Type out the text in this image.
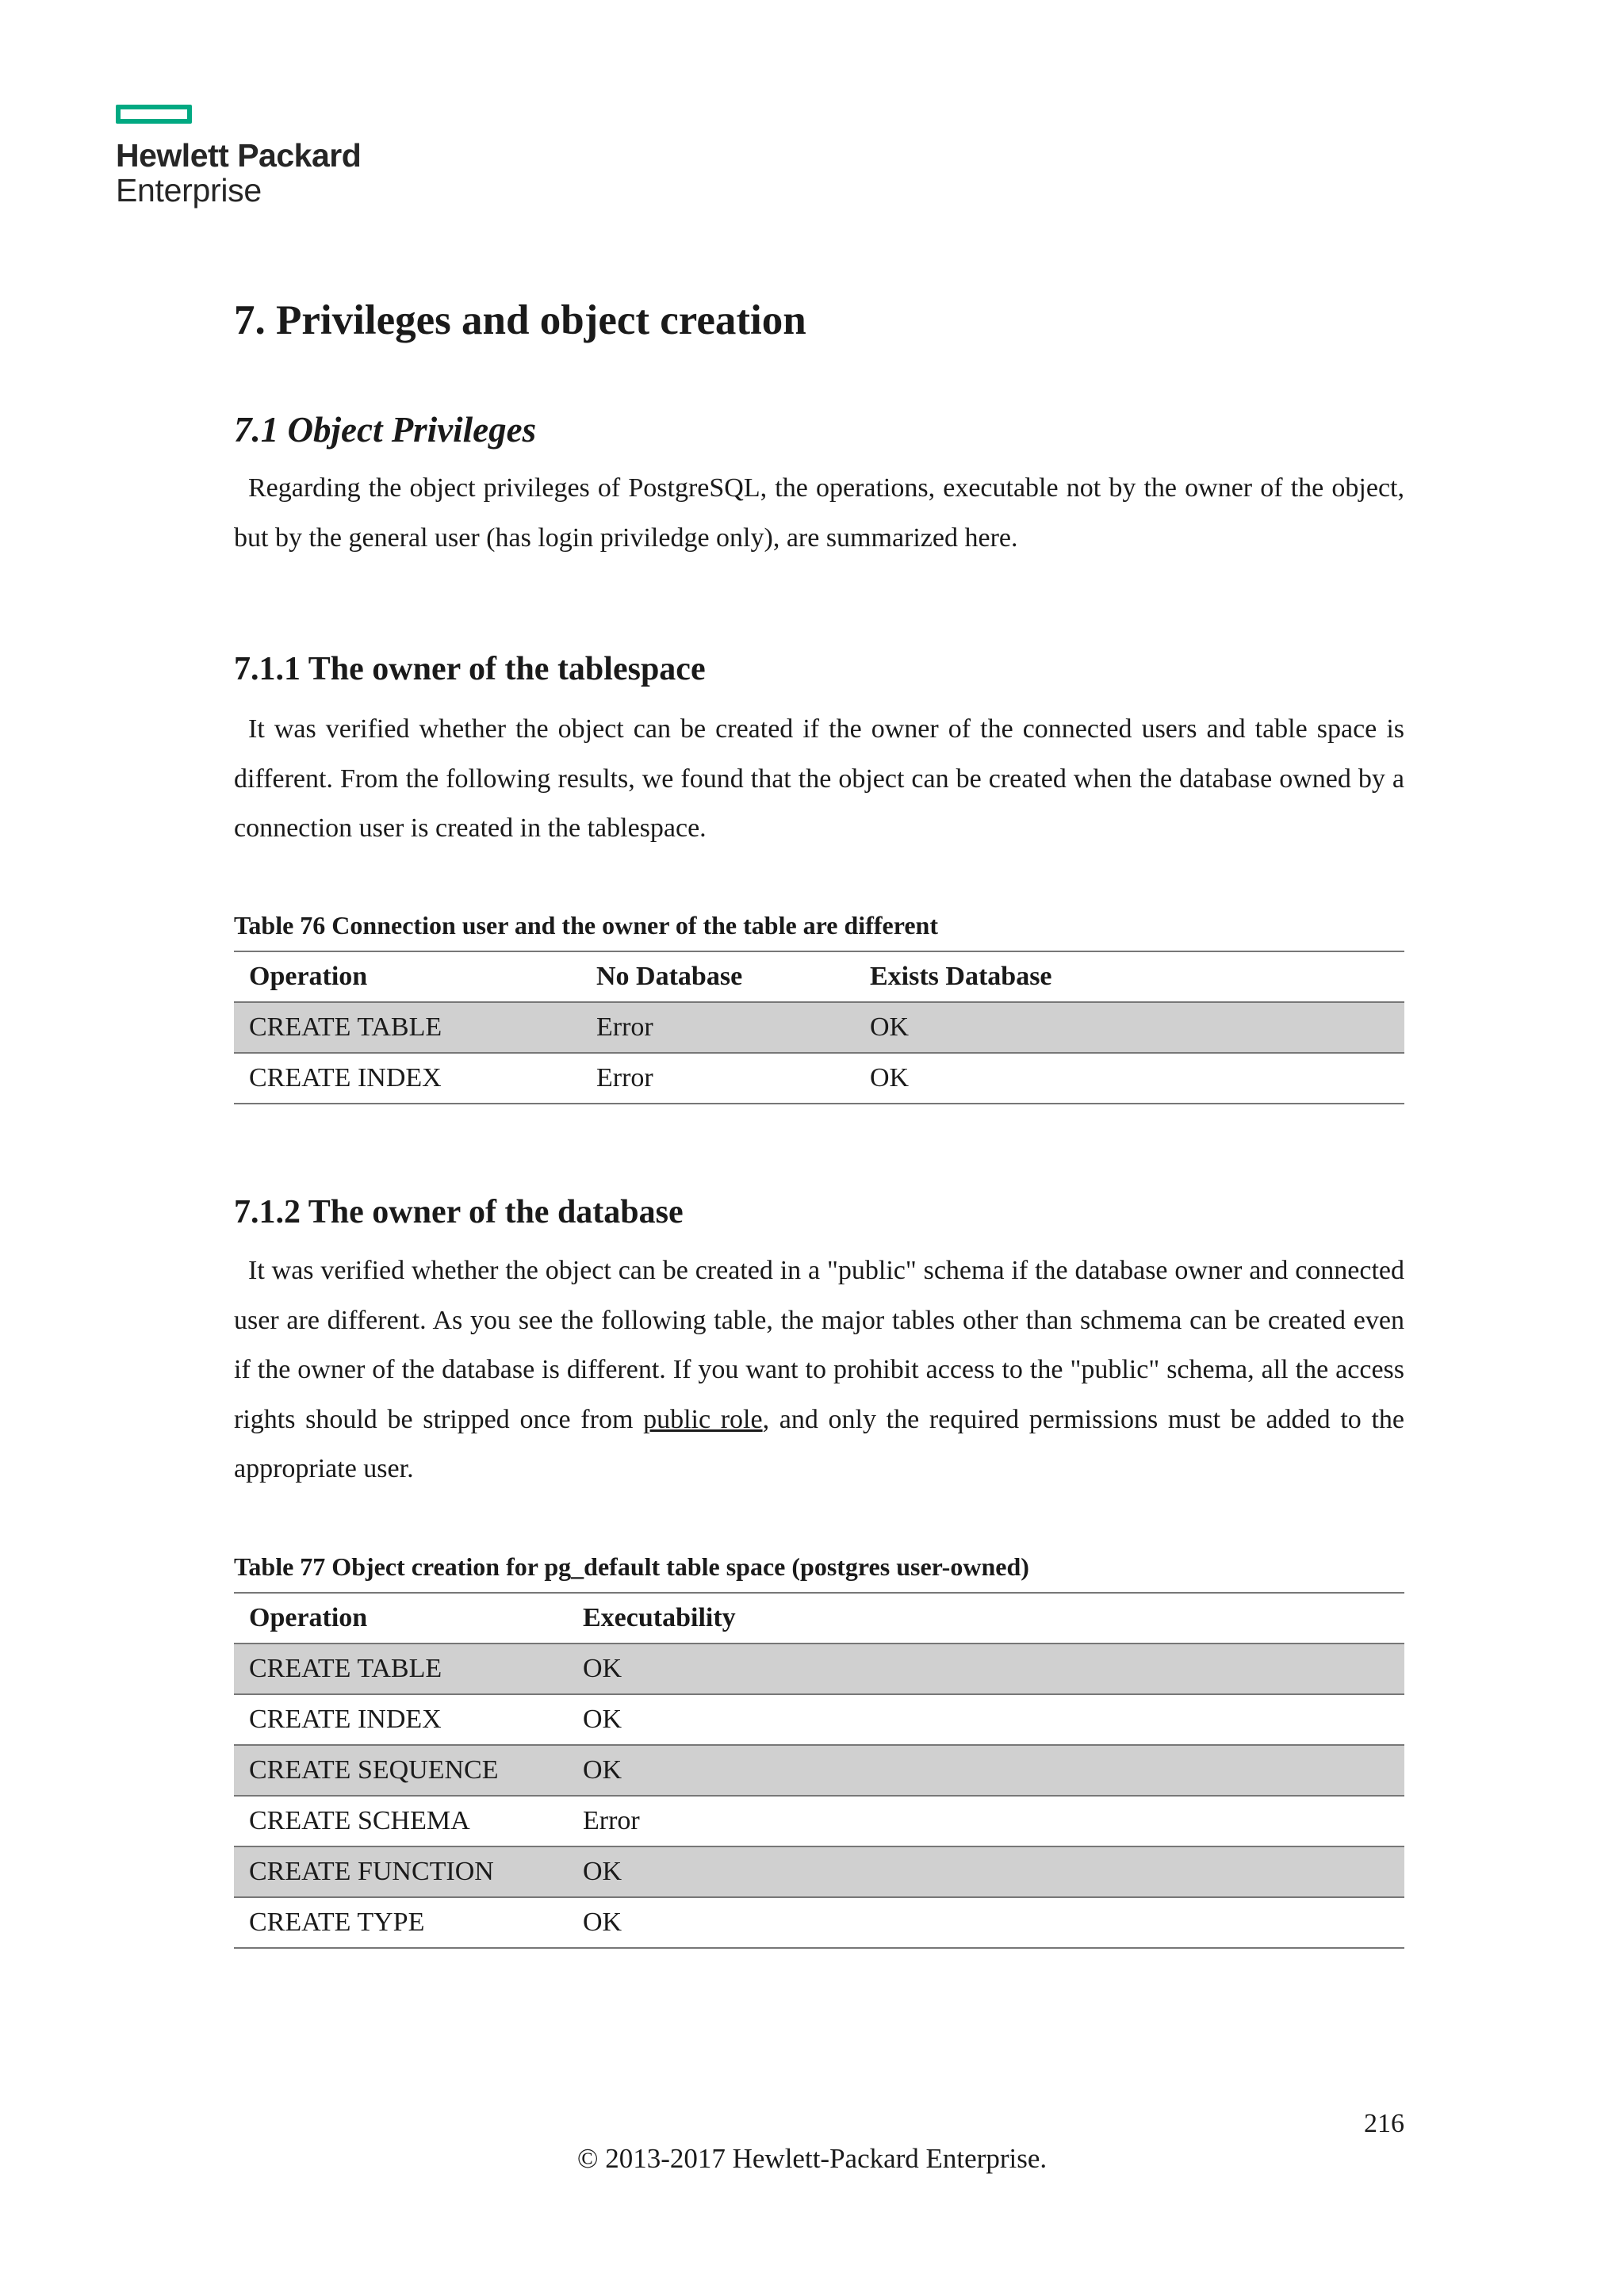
Hewlett Packard
Enterprise
7. Privileges and object creation
7.1 Object Privileges

Regarding the object privileges of PostgreSQL, the operations, executable not by the owner of the object, but by the general user (has login priviledge only), are summarized here.

7.1.1 The owner of the tablespace

It was verified whether the object can be created if the owner of the connected users and table space is different. From the following results, we found that the object can be created when the database owned by a connection user is created in the tablespace.

Table 76 Connection user and the owner of the table are different

Operation	No Database	Exists Database
CREATE TABLE	Error	OK
CREATE INDEX	Error	OK
7.1.2 The owner of the database

It was verified whether the object can be created in a "public" schema if the database owner and connected user are different. As you see the following table, the major tables other than schmema can be created even if the owner of the database is different. If you want to prohibit access to the "public" schema, all the access rights should be stripped once from public role, and only the required permissions must be added to the appropriate user.

Table 77 Object creation for pg_default table space (postgres user-owned)

Operation	Executability
CREATE TABLE	OK
CREATE INDEX	OK
CREATE SEQUENCE	OK
CREATE SCHEMA	Error
CREATE FUNCTION	OK
CREATE TYPE	OK
216
© 2013-2017 Hewlett-Packard Enterprise.
